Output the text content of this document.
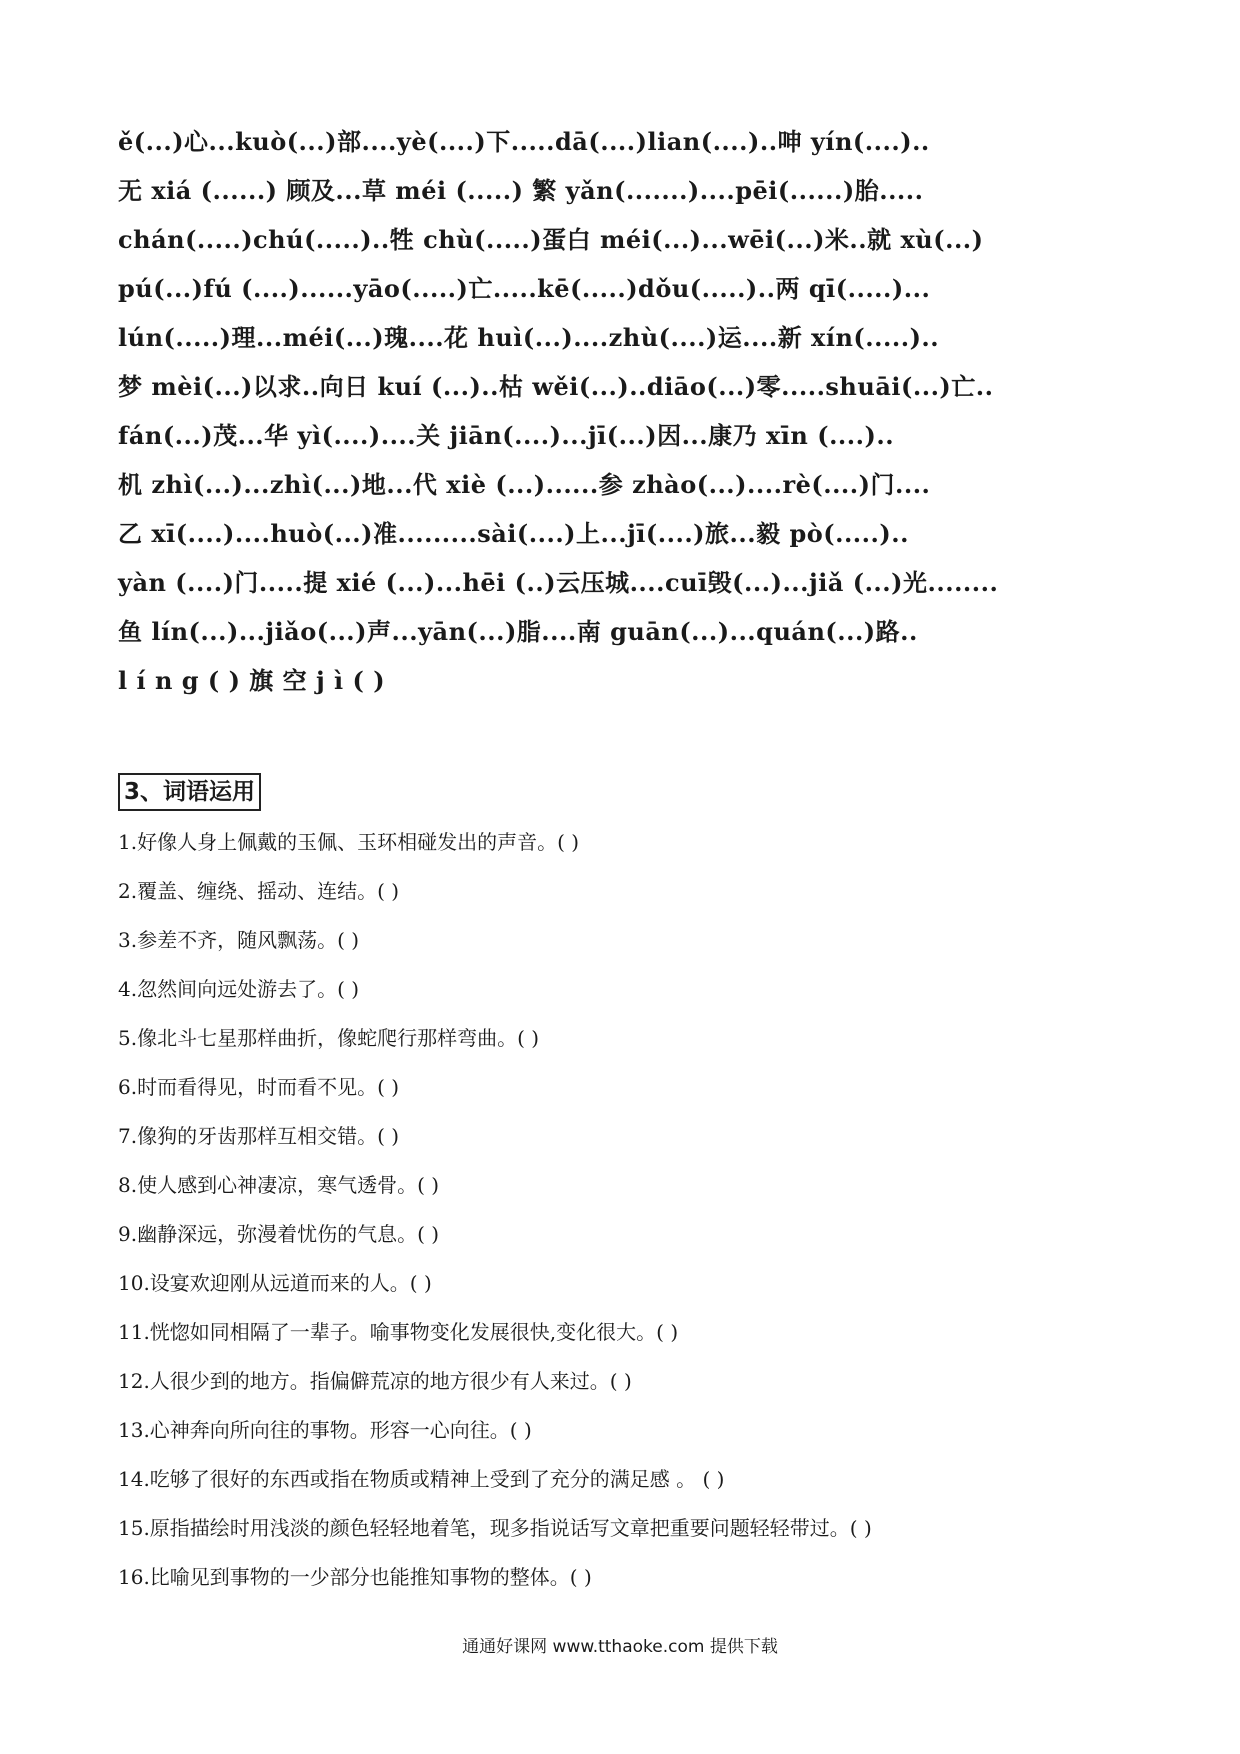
ě(...)心...kuò(...)部....yè(....)下.....dā(....)lian(....)..呻 yín(....)..
无 xiá (......) 顾及...草 méi (.....) 繁 yǎn(.......)....pēi(......)胎.....
chán(.....)chú(.....)..牲 chù(.....)蛋白 méi(...)...wēi(...)米..就 xù(...)
pú(...)fú (....)......yāo(.....)亡.....kē(.....)dǒu(.....)..两 qī(.....)...
lún(.....)理...méi(...)瑰....花 huì(...)....zhù(....)运....新 xín(.....)..
梦 mèi(...)以求..向日 kuí (...)..枯 wěi(...)..diāo(...)零.....shuāi(...)亡..
fán(...)茂...华 yì(....)....关 jiān(....)...jī(...)因...康乃 xīn (....)..
机 zhì(...)...zhì(...)地...代 xiè (...)......参 zhào(...)....rè(....)门....
乙 xī(....)....huò(...)准.........sài(....)上...jī(....)旅...毅 pò(.....)..
yàn (....)门.....提 xié (...)...hēi (..)云压城....cuī毁(...)...jiǎ (...)光........
鱼 lín(...)...jiǎo(...)声...yān(...)脂....南 guān(...)...quán(...)路..
l í n g ( ) 旗 空 j ì ( )
3、词语运用
1.好像人身上佩戴的玉佩、玉环相碰发出的声音。( )
2.覆盖、缠绕、摇动、连结。( )
3.参差不齐，随风飘荡。( )
4.忽然间向远处游去了。( )
5.像北斗七星那样曲折，像蛇爬行那样弯曲。( )
6.时而看得见，时而看不见。( )
7.像狗的牙齿那样互相交错。( )
8.使人感到心神凄凉，寒气透骨。( )
9.幽静深远，弥漫着忧伤的气息。( )
10.设宴欢迎刚从远道而来的人。( )
11.恍惚如同相隔了一辈子。喻事物变化发展很快,变化很大。( )
12.人很少到的地方。指偏僻荒凉的地方很少有人来过。( )
13.心神奔向所向往的事物。形容一心向往。( )
14.吃够了很好的东西或指在物质或精神上受到了充分的满足感 。 ( )
15.原指描绘时用浅淡的颜色轻轻地着笔，现多指说话写文章把重要问题轻轻带过。( )
16.比喻见到事物的一少部分也能推知事物的整体。( )
通通好课网 www.tthaoke.com 提供下载
